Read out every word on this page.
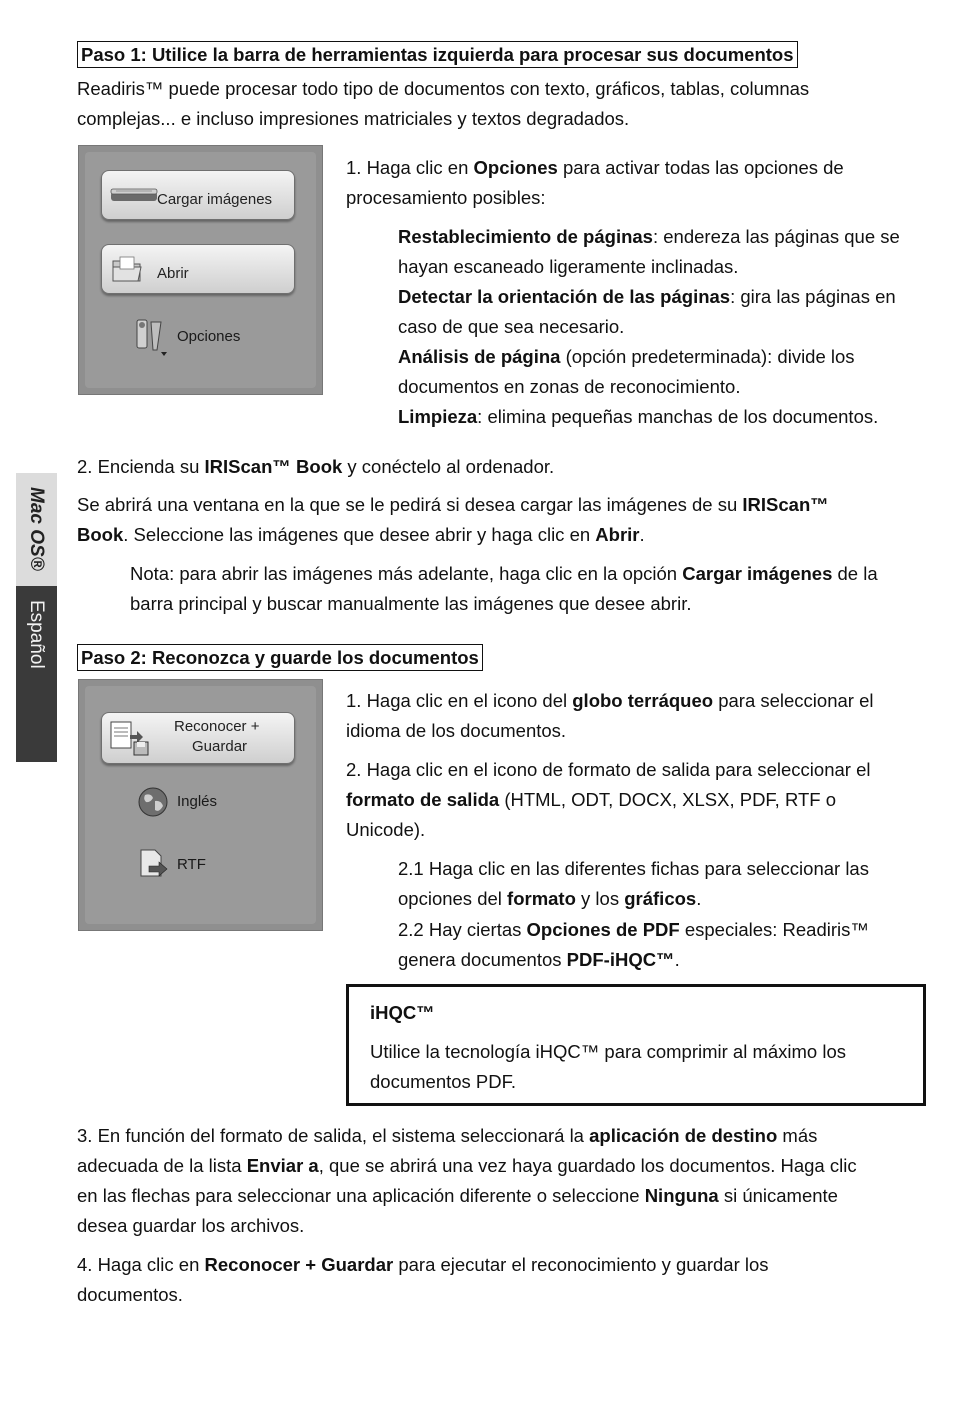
Paso 1: Utilice la barra de herramientas izquierda para procesar sus documentos

Readiris™ puede procesar todo tipo de documentos con texto, gráficos, tablas, columnas
complejas... e incluso impresiones matriciales y textos degradados.

Cargar imágenes
Abrir
Opciones

1. Haga clic en Opciones para activar todas las opciones de
procesamiento posibles:

Restablecimiento de páginas: endereza las páginas que se
hayan escaneado ligeramente inclinadas.
Detectar la orientación de las páginas: gira las páginas en
caso de que sea necesario.
Análisis de página (opción predeterminada): divide los
documentos en zonas de reconocimiento.
Limpieza: elimina pequeñas manchas de los documentos.

2. Encienda su IRIScan™ Book y conéctelo al ordenador.

Se abrirá una ventana en la que se le pedirá si desea cargar las imágenes de su IRIScan™
Book. Seleccione las imágenes que desee abrir y haga clic en Abrir.

Nota: para abrir las imágenes más adelante, haga clic en la opción Cargar imágenes de la
barra principal y buscar manualmente las imágenes que desee abrir.

Mac OS®
Español Paso 2: Reconozca y guarde los documentos
Reconocer +
Guardar
Inglés
RTF

1. Haga clic en el icono del globo terráqueo para seleccionar el
idioma de los documentos.

2. Haga clic en el icono de formato de salida para seleccionar el
formato de salida (HTML, ODT, DOCX, XLSX, PDF, RTF o
Unicode).

2.1 Haga clic en las diferentes fichas para seleccionar las
opciones del formato y los gráficos.

2.2 Hay ciertas Opciones de PDF especiales: Readiris™
genera documentos PDF-iHQC™.

iHQC™
Utilice la tecnología iHQC™ para comprimir al máximo los
documentos PDF.

3. En función del formato de salida, el sistema seleccionará la aplicación de destino más
adecuada de la lista Enviar a, que se abrirá una vez haya guardado los documentos. Haga clic
en las flechas para seleccionar una aplicación diferente o seleccione Ninguna si únicamente
desea guardar los archivos.

4. Haga clic en Reconocer + Guardar para ejecutar el reconocimiento y guardar los
documentos.
